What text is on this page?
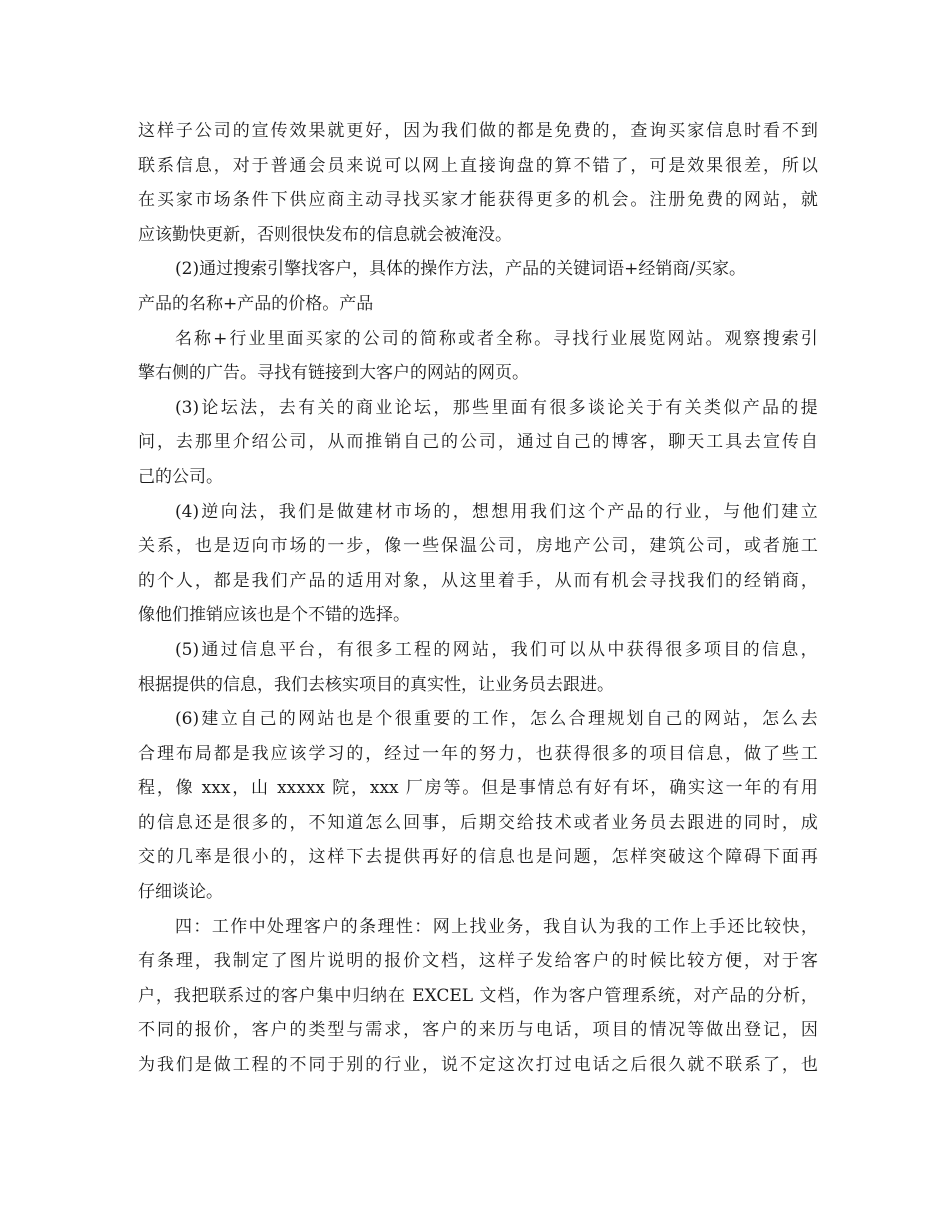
这 样 子 公 司 的 宣 传 效 果 就 更 好 ， 因 为 我 们 做 的 都 是 免 费 的 ， 查 询 买 家 信 息 时 看 不 到
联 系 信 息 ， 对 于 普 通 会 员 来 说 可 以 网 上 直 接 询 盘 的 算 不 错 了 ， 可 是 效 果 很 差 ， 所 以
在 买 家 市 场 条 件 下 供 应 商 主 动 寻 找 买 家 才 能 获 得 更 多 的 机 会 。 注 册 免 费 的 网 站 ， 就
应该勤快更新，否则很快发布的信息就会被淹没。
(2)通过搜索引擎找客户，具体的操作方法，产品的关键词语+经销商/买家。
产品的名称+产品的价格。产品
名 称 + 行 业 里 面 买 家 的 公 司 的 简 称 或 者 全 称 。 寻 找 行 业 展 览 网 站 。 观 察 搜 索 引
擎右侧的广告。寻找有链接到大客户的网站的网页。
(3) 论 坛 法 ， 去 有 关 的 商 业 论 坛 ， 那 些 里 面 有 很 多 谈 论 关 于 有 关 类 似 产 品 的 提
问 ， 去 那 里 介 绍 公 司 ， 从 而 推 销 自 己 的 公 司 ， 通 过 自 己 的 博 客 ， 聊 天 工 具 去 宣 传 自
己的公司。
(4) 逆 向 法 ， 我 们 是 做 建 材 市 场 的 ， 想 想 用 我 们 这 个 产 品 的 行 业 ， 与 他 们 建 立
关 系 ， 也 是 迈 向 市 场 的 一 步 ， 像 一 些 保 温 公 司 ， 房 地 产 公 司 ， 建 筑 公 司 ， 或 者 施 工
的 个 人 ， 都 是 我 们 产 品 的 适 用 对 象 ， 从 这 里 着 手 ， 从 而 有 机 会 寻 找 我 们 的 经 销 商 ，
像他们推销应该也是个不错的选择。
(5) 通 过 信 息 平 台 ， 有 很 多 工 程 的 网 站 ， 我 们 可 以 从 中 获 得 很 多 项 目 的 信 息 ，
根据提供的信息，我们去核实项目的真实性，让业务员去跟进。
(6) 建 立 自 己 的 网 站 也 是 个 很 重 要 的 工 作 ， 怎 么 合 理 规 划 自 己 的 网 站 ， 怎 么 去
合 理 布 局 都 是 我 应 该 学 习 的 ， 经 过 一 年 的 努 力 ， 也 获 得 很 多 的 项 目 信 息 ， 做 了 些 工
程 ， 像
xxx ， 山
xxxxx 院 ， xxx 厂 房 等 。 但 是 事 情 总 有 好 有 坏 ， 确 实 这 一 年 的 有 用
的 信 息 还 是 很 多 的 ， 不 知 道 怎 么 回 事 ， 后 期 交 给 技 术 或 者 业 务 员 去 跟 进 的 同 时 ， 成
交 的 几 率 是 很 小 的 ， 这 样 下 去 提 供 再 好 的 信 息 也 是 问 题 ， 怎 样 突 破 这 个 障 碍 下 面 再
仔细谈论。
四 ： 工 作 中 处 理 客 户 的 条 理 性 ： 网 上 找 业 务 ， 我 自 认 为 我 的 工 作 上 手 还 比 较 快 ，
有 条 理 ， 我 制 定 了 图 片 说 明 的 报 价 文 档 ， 这 样 子 发 给 客 户 的 时 候 比 较 方 便 ， 对 于 客
户 ， 我 把 联 系 过 的 客 户 集 中 归 纳 在
EXCEL 文 档 ， 作 为 客 户 管 理 系 统 ， 对 产 品 的 分 析 ，
不 同 的 报 价 ， 客 户 的 类 型 与 需 求 ， 客 户 的 来 历 与 电 话 ， 项 目 的 情 况 等 做 出 登 记 ， 因
为 我 们 是 做 工 程 的 不 同 于 别 的 行 业 ， 说 不 定 这 次 打 过 电 话 之 后 很 久 就 不 联 系 了 ， 也
